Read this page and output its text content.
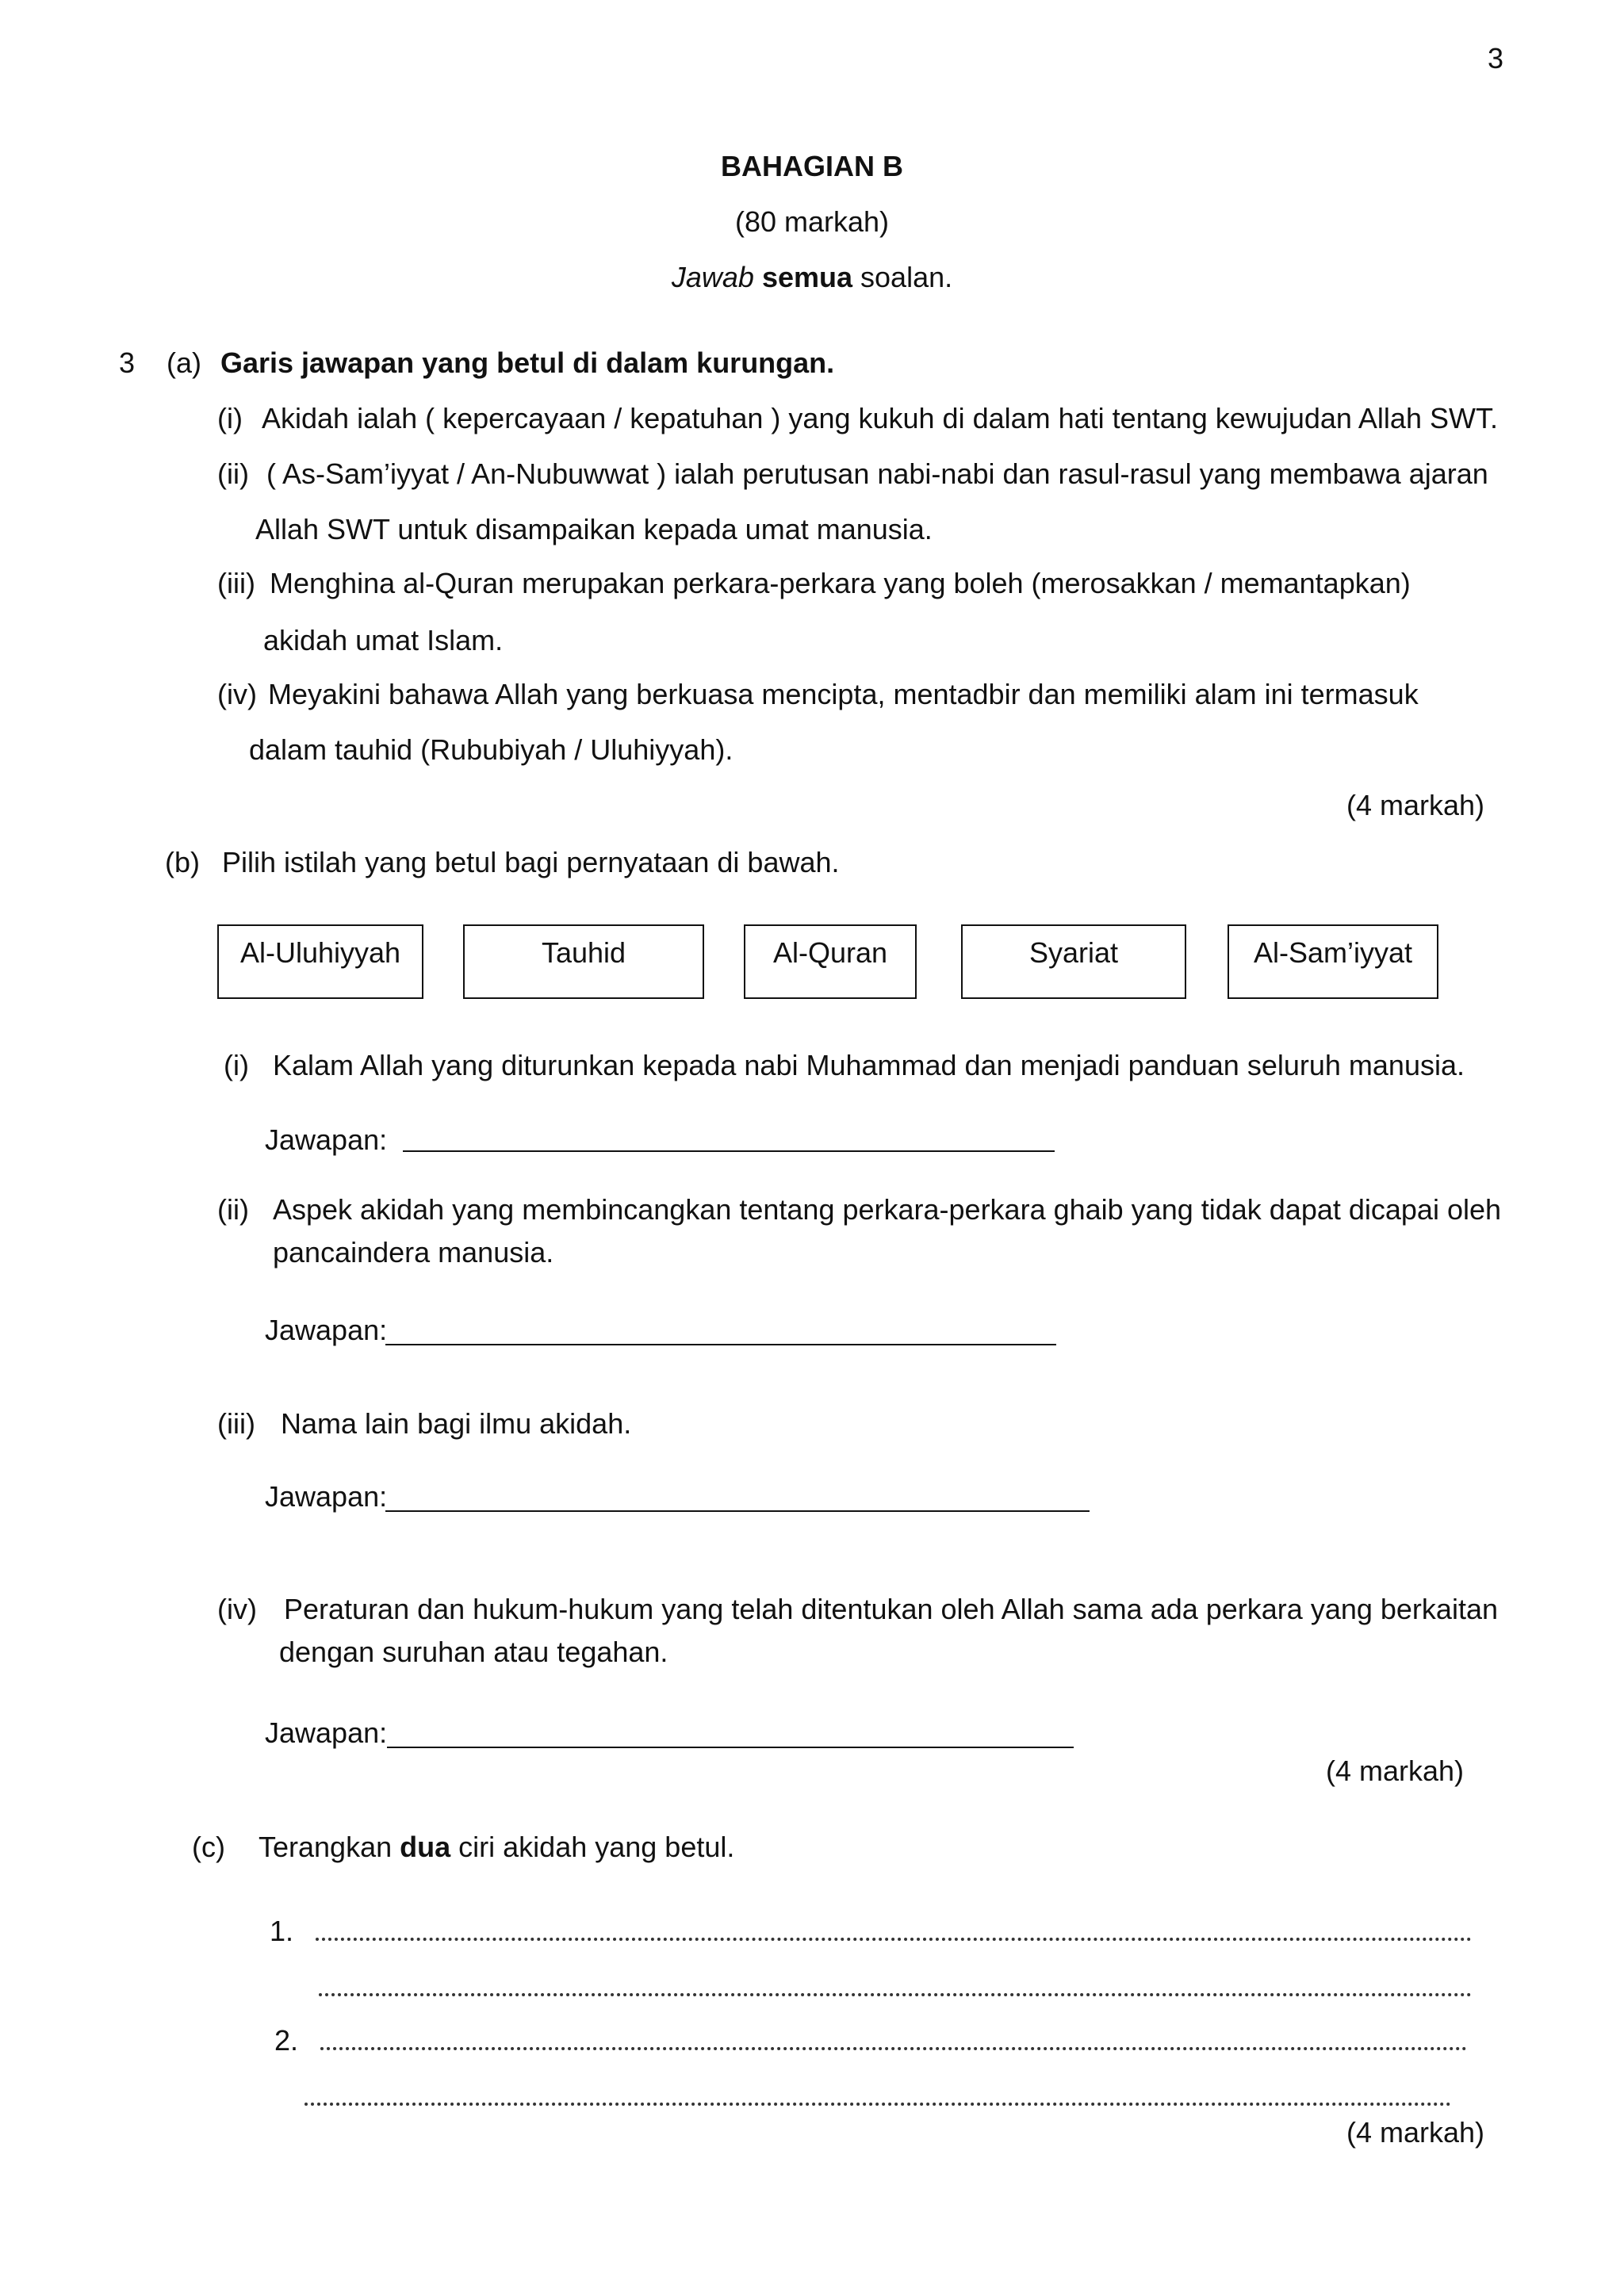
3
BAHAGIAN B
(80 markah)
Jawab semua soalan.
3 (a) Garis jawapan yang betul di dalam kurungan.
(i) Akidah ialah ( kepercayaan / kepatuhan ) yang kukuh di dalam hati tentang kewujudan Allah SWT.
(ii) ( As-Sam’iyyat / An-Nubuwwat ) ialah perutusan nabi-nabi dan rasul-rasul yang membawa ajaran
Allah SWT untuk disampaikan kepada umat manusia.
(iii) Menghina al-Quran merupakan perkara-perkara yang boleh (merosakkan / memantapkan)
akidah umat Islam.
(iv) Meyakini bahawa Allah yang berkuasa mencipta, mentadbir dan memiliki alam ini termasuk
dalam tauhid (Rububiyah / Uluhiyyah).
(4 markah)
(b) Pilih istilah yang betul bagi pernyataan di bawah.
Al-Uluhiyyah	Tauhid	Al-Quran	Syariat	Al-Sam’iyyat
(i) Kalam Allah yang diturunkan kepada nabi Muhammad dan menjadi panduan seluruh manusia.
Jawapan:
(ii) Aspek akidah yang membincangkan tentang perkara-perkara ghaib yang tidak dapat dicapai oleh
pancaindera manusia.
Jawapan:
(iii) Nama lain bagi ilmu akidah.
Jawapan:
(iv) Peraturan dan hukum-hukum yang telah ditentukan oleh Allah sama ada perkara yang berkaitan
dengan suruhan atau tegahan.
Jawapan:
(4 markah)
(c) Terangkan dua ciri akidah yang betul.
1.
2.
(4 markah)
